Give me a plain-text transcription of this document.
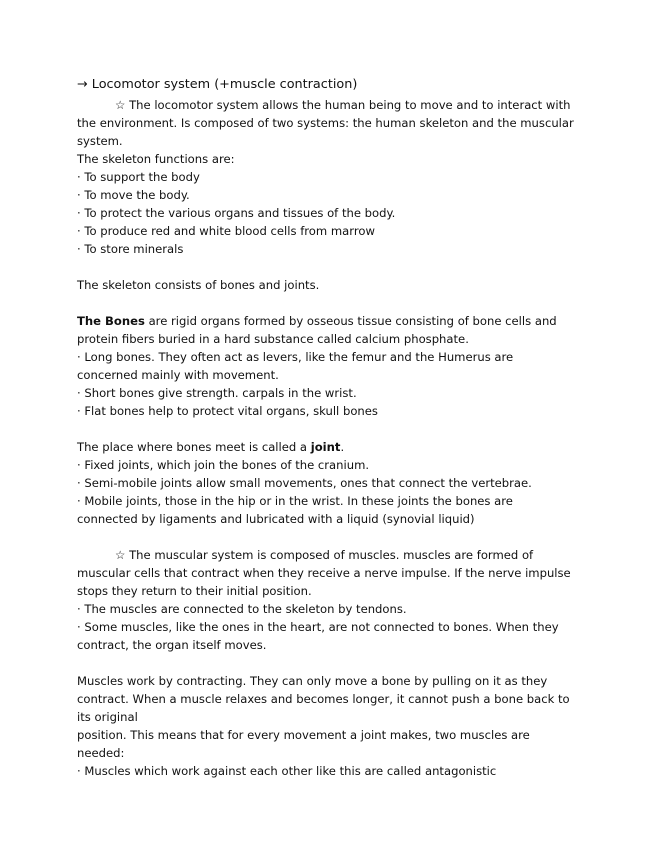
→ Locomotor system (+muscle contraction)

☆ The locomotor system allows the human being to move and to interact with the environment. Is composed of two systems: the human skeleton and the muscular system.

The skeleton functions are:

· To support the body

· To move the body.

· To protect the various organs and tissues of the body.

· To produce red and white blood cells from marrow

· To store minerals

The skeleton consists of bones and joints.

The Bones are rigid organs formed by osseous tissue consisting of bone cells and protein fibers buried in a hard substance called calcium phosphate.

· Long bones. They often act as levers, like the femur and the Humerus are concerned mainly with movement.

· Short bones give strength. carpals in the wrist.

· Flat bones help to protect vital organs, skull bones

The place where bones meet is called a joint.

· Fixed joints, which join the bones of the cranium.

· Semi-mobile joints allow small movements, ones that connect the vertebrae.

· Mobile joints, those in the hip or in the wrist. In these joints the bones are connected by ligaments and lubricated with a liquid (synovial liquid)

☆ The muscular system is composed of muscles. muscles are formed of muscular cells that contract when they receive a nerve impulse. If the nerve impulse stops they return to their initial position.

· The muscles are connected to the skeleton by tendons.

· Some muscles, like the ones in the heart, are not connected to bones. When they contract, the organ itself moves.

Muscles work by contracting. They can only move a bone by pulling on it as they contract. When a muscle relaxes and becomes longer, it cannot push a bone back to its original

position. This means that for every movement a joint makes, two muscles are needed:

· Muscles which work against each other like this are called antagonistic
